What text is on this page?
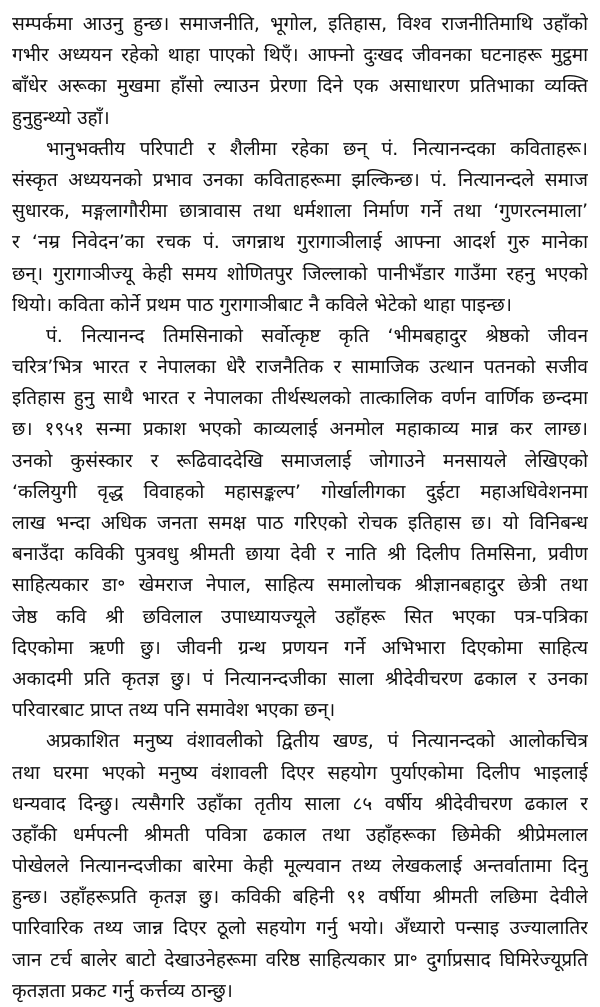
सम्पर्कमा आउनु हुन्छ। समाजनीति, भूगोल, इतिहास, विश्व राजनीतिमाथि उहाँको
गभीर अध्ययन रहेको थाहा पाएको थिएँ। आफ्नो दुःखद जीवनका घटनाहरू मुट्ठमा
बाँधेर अरूका मुखमा हाँसो ल्याउन प्रेरणा दिने एक असाधारण प्रतिभाका व्यक्ति
हुनुहुन्थ्यो उहाँ।
भानुभक्तीय परिपाटी र शैलीमा रहेका छन् पं. नित्यानन्दका कविताहरू।
संस्कृत अध्ययनको प्रभाव उनका कविताहरूमा झल्किन्छ। पं. नित्यानन्दले समाज
सुधारक, मङ्गलागौरीमा छात्रावास तथा धर्मशाला निर्माण गर्ने तथा ‘गुणरत्नमाला’
र ‘नम्र निवेदन’का रचक पं. जगन्नाथ गुरागाञीलाई आफ्ना आदर्श गुरु मानेका
छन्। गुरागाञीज्यू केही समय शोणितपुर जिल्लाको पानीभँडार गाउँमा रहनु भएको
थियो। कविता कोर्ने प्रथम पाठ गुरागाञीबाट नै कविले भेटेको थाहा पाइन्छ।
पं. नित्यानन्द तिमसिनाको सर्वोत्कृष्ट कृति ‘भीमबहादुर श्रेष्ठको जीवन
चरित्र’भित्र भारत र नेपालका धेरै राजनैतिक र सामाजिक उत्थान पतनको सजीव
इतिहास हुनु साथै भारत र नेपालका तीर्थस्थलको तात्कालिक वर्णन वार्णिक छन्दमा
छ। १९५१ सन्मा प्रकाश भएको काव्यलाई अनमोल महाकाव्य मान्न कर लाग्छ।
उनको कुसंस्कार र रूढिवाददेखि समाजलाई जोगाउने मनसायले लेखिएको
‘कलियुगी वृद्ध विवाहको महासङ्कल्प’ गोर्खालीगका दुईटा महाअधिवेशनमा
लाख भन्दा अधिक जनता समक्ष पाठ गरिएको रोचक इतिहास छ। यो विनिबन्ध
बनाउँदा कविकी पुत्रवधु श्रीमती छाया देवी र नाति श्री दिलीप तिमसिना, प्रवीण
साहित्यकार डा॰ खेमराज नेपाल, साहित्य समालोचक श्रीज्ञानबहादुर छेत्री तथा
जेष्ठ कवि श्री छविलाल उपाध्यायज्यूले उहाँहरू सित भएका पत्र-पत्रिका
दिएकोमा ऋणी छु। जीवनी ग्रन्थ प्रणयन गर्ने अभिभारा दिएकोमा साहित्य
अकादमी प्रति कृतज्ञ छु। पं नित्यानन्दजीका साला श्रीदेवीचरण ढकाल र उनका
परिवारबाट प्राप्त तथ्य पनि समावेश भएका छन्।
अप्रकाशित मनुष्य वंशावलीको द्वितीय खण्ड, पं नित्यानन्दको आलोकचित्र
तथा घरमा भएको मनुष्य वंशावली दिएर सहयोग पुर्याएकोमा दिलीप भाइलाई
धन्यवाद दिन्छु। त्यसैगरि उहाँका तृतीय साला ८५ वर्षीय श्रीदेवीचरण ढकाल र
उहाँकी धर्मपत्नी श्रीमती पवित्रा ढकाल तथा उहाँहरूका छिमेकी श्रीप्रेमलाल
पोखेलले नित्यानन्दजीका बारेमा केही मूल्यवान तथ्य लेखकलाई अन्तर्वातामा दिनु
हुन्छ। उहाँहरूप्रति कृतज्ञ छु। कविकी बहिनी ९१ वर्षीया श्रीमती लछिमा देवीले
पारिवारिक तथ्य जान्न दिएर ठूलो सहयोग गर्नु भयो। अँध्यारो पन्साइ उज्यालातिर
जान टर्च बालेर बाटो देखाउनेहरूमा वरिष्ठ साहित्यकार प्रा॰ दुर्गाप्रसाद घिमिरेज्यूप्रति
कृतज्ञता प्रकट गर्नु कर्त्तव्य ठान्छु।
